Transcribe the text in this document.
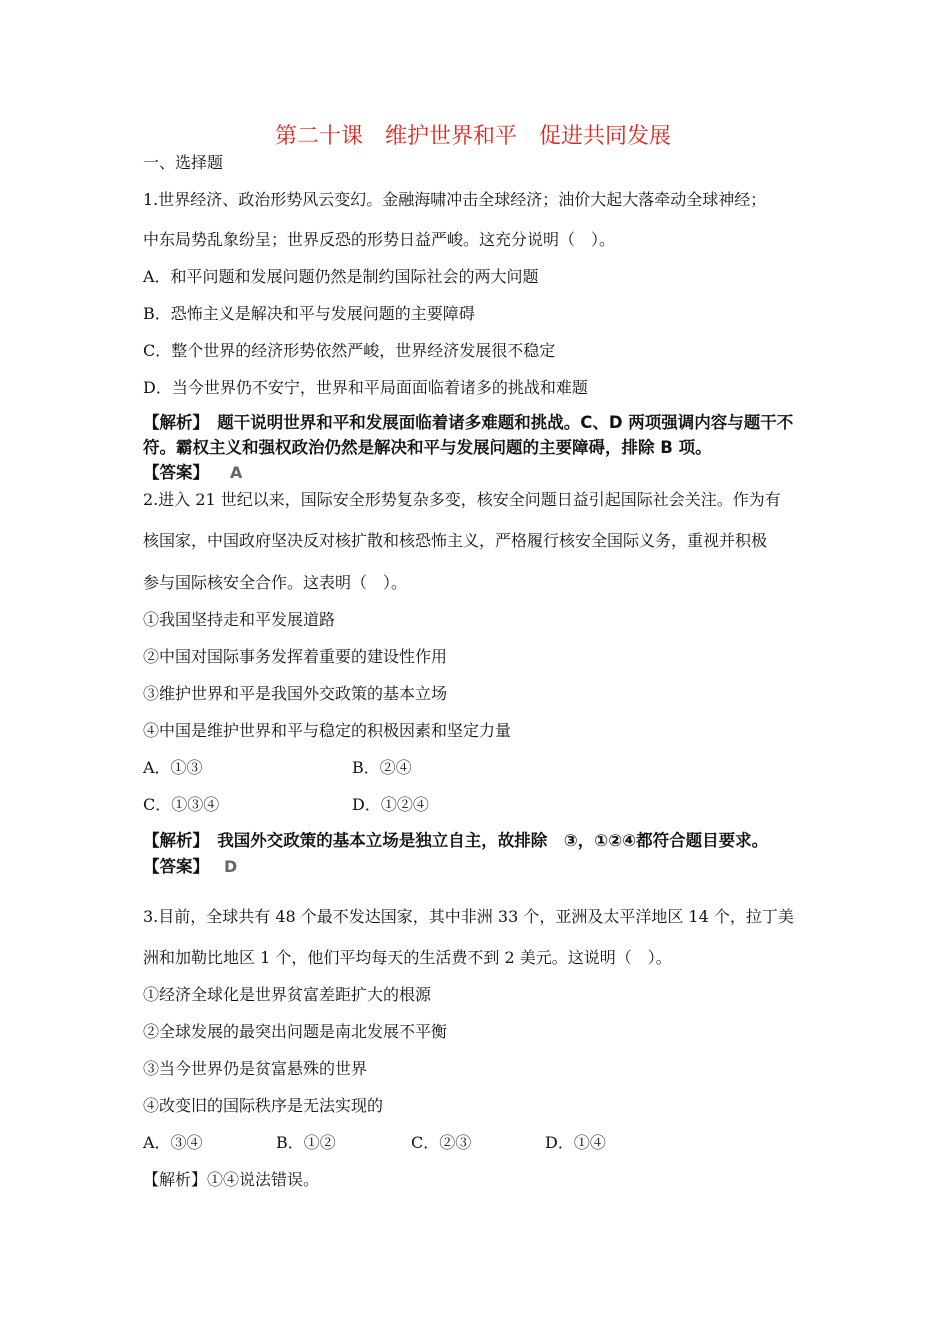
第二十课　维护世界和平　促进共同发展
一、选择题
1.世界经济、政治形势风云变幻。金融海啸冲击全球经济；油价大起大落牵动全球神经；
中东局势乱象纷呈；世界反恐的形势日益严峻。这充分说明（　）。
A．和平问题和发展问题仍然是制约国际社会的两大问题
B．恐怖主义是解决和平与发展问题的主要障碍
C．整个世界的经济形势依然严峻，世界经济发展很不稳定
D．当今世界仍不安宁，世界和平局面面临着诸多的挑战和难题
【解析】　题干说明世界和平和发展面临着诸多难题和挑战。C、D 两项强调内容与题干不
符。霸权主义和强权政治仍然是解决和平与发展问题的主要障碍，排除 B 项。
【答案】 A
2.进入 21 世纪以来，国际安全形势复杂多变，核安全问题日益引起国际社会关注。作为有
核国家，中国政府坚决反对核扩散和核恐怖主义，严格履行核安全国际义务，重视并积极
参与国际核安全合作。这表明（　）。
①我国坚持走和平发展道路
②中国对国际事务发挥着重要的建设性作用
③维护世界和平是我国外交政策的基本立场
④中国是维护世界和平与稳定的积极因素和坚定力量
A．①③	B．②④
C．①③④	D．①②④
【解析】　我国外交政策的基本立场是独立自主，故排除　③，①②④都符合题目要求。
【答案】 D
3.目前，全球共有 48 个最不发达国家，其中非洲 33 个，亚洲及太平洋地区 14 个，拉丁美
洲和加勒比地区 1 个，他们平均每天的生活费不到 2 美元。这说明（　）。
①经济全球化是世界贫富差距扩大的根源
②全球发展的最突出问题是南北发展不平衡
③当今世界仍是贫富悬殊的世界
④改变旧的国际秩序是无法实现的
A．③④	B．①②	C．②③	D．①④
【解析】①④说法错误。
